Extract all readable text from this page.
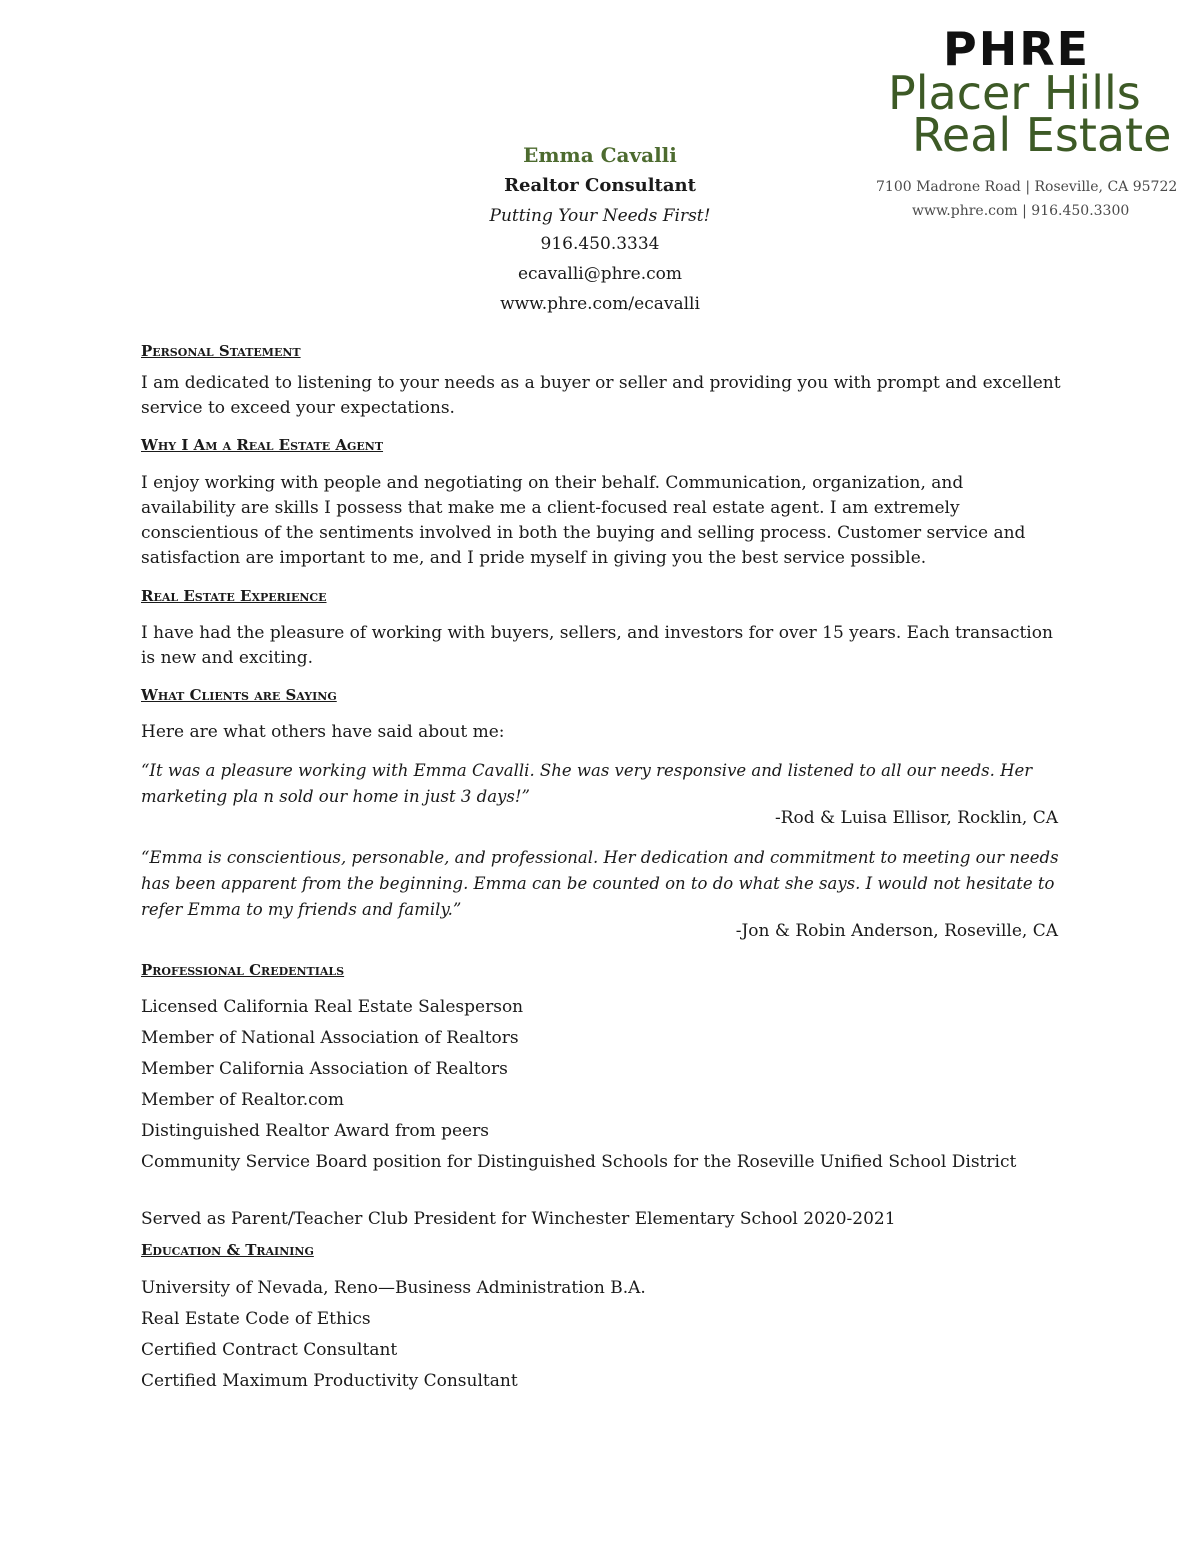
PHRE
Placer Hills
Real Estate
7100 Madrone Road | Roseville, CA 95722
www.phre.com | 916.450.3300
Emma Cavalli
Realtor Consultant
Putting Your Needs First!
916.450.3334
ecavalli@phre.com
www.phre.com/ecavalli
Personal Statement
I am dedicated to listening to your needs as a buyer or seller and providing you with prompt and excellent service to exceed your expectations.
Why I Am a Real Estate Agent
I enjoy working with people and negotiating on their behalf. Communication, organization, and availability are skills I possess that make me a client-focused real estate agent. I am extremely conscientious of the sentiments involved in both the buying and selling process. Customer service and satisfaction are important to me, and I pride myself in giving you the best service possible.
Real Estate Experience
I have had the pleasure of working with buyers, sellers, and investors for over 15 years. Each transaction is new and exciting.
What Clients are Saying
Here are what others have said about me:
“It was a pleasure working with Emma Cavalli. She was very responsive and listened to all our needs. Her marketing pla n sold our home in just 3 days!”
-Rod & Luisa Ellisor, Rocklin, CA
“Emma is conscientious, personable, and professional. Her dedication and commitment to meeting our needs has been apparent from the beginning. Emma can be counted on to do what she says. I would not hesitate to refer Emma to my friends and family.”
-Jon & Robin Anderson, Roseville, CA
Professional Credentials
Licensed California Real Estate Salesperson
Member of National Association of Realtors
Member California Association of Realtors
Member of Realtor.com
Distinguished Realtor Award from peers
Community Service Board position for Distinguished Schools for the Roseville Unified School District
Served as Parent/Teacher Club President for Winchester Elementary School 2020-2021
Education & Training
University of Nevada, Reno—Business Administration B.A.
Real Estate Code of Ethics
Certified Contract Consultant
Certified Maximum Productivity Consultant
